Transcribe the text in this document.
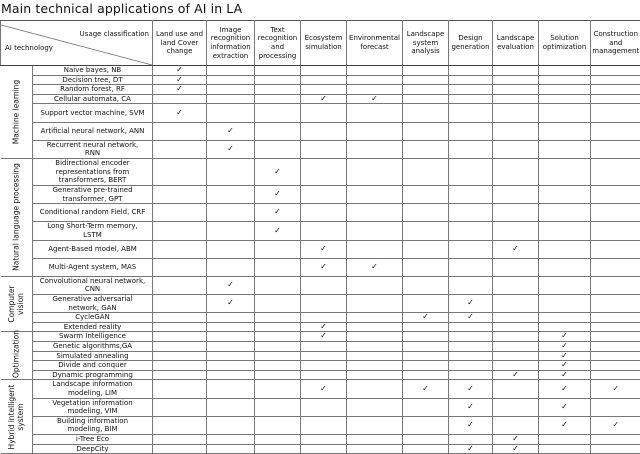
Main technical applications of AI in LA
Usage classification
AI technology		Land use and land Cover change	Image recognition information extraction	Text recognition and processing	Ecosystem simulation	Environmental forecast	Landscape system analysis	Design generation	Landscape evaluation	Solution optimization	Construction and management

Machine learning	Naive bayes, NB	✓									
	Decision tree, DT	✓									
	Random forest, RF	✓									
	Cellular automata, CA				✓	✓					
	Support vector machine, SVM	✓									
	Artificial neural network, ANN		✓								
	Recurrent neural network, RNN		✓								

Natural language processing	Bidirectional encoder representations from transformers, BERT			✓							
	Generative pre-trained transformer, GPT			✓							
	Conditional random Field, CRF			✓							
	Long Short-Term memory, LSTM			✓							
	Agent-Based model, ABM				✓				✓		
	Multi-Agent system, MAS				✓	✓					

Computer vision	Convolutional neural network, CNN		✓								
	Generative adversarial network, GAN		✓					✓			
	CycleGAN						✓	✓			
	Extended reality				✓						

Optimization	Swarm Intelligence				✓					✓	
	Genetic algorithms,GA									✓	
	Simulated annealing									✓	
	Divide and conquer									✓	
	Dynamic programming								✓	✓	

Hybrid intelligent system	Landscape information modeling, LIM				✓		✓	✓		✓	✓
	Vegetation information modeling, VIM							✓		✓	
	Building information modeling, BIM							✓		✓	✓
	i-Tree Eco								✓		
	DeepCity							✓	✓		
